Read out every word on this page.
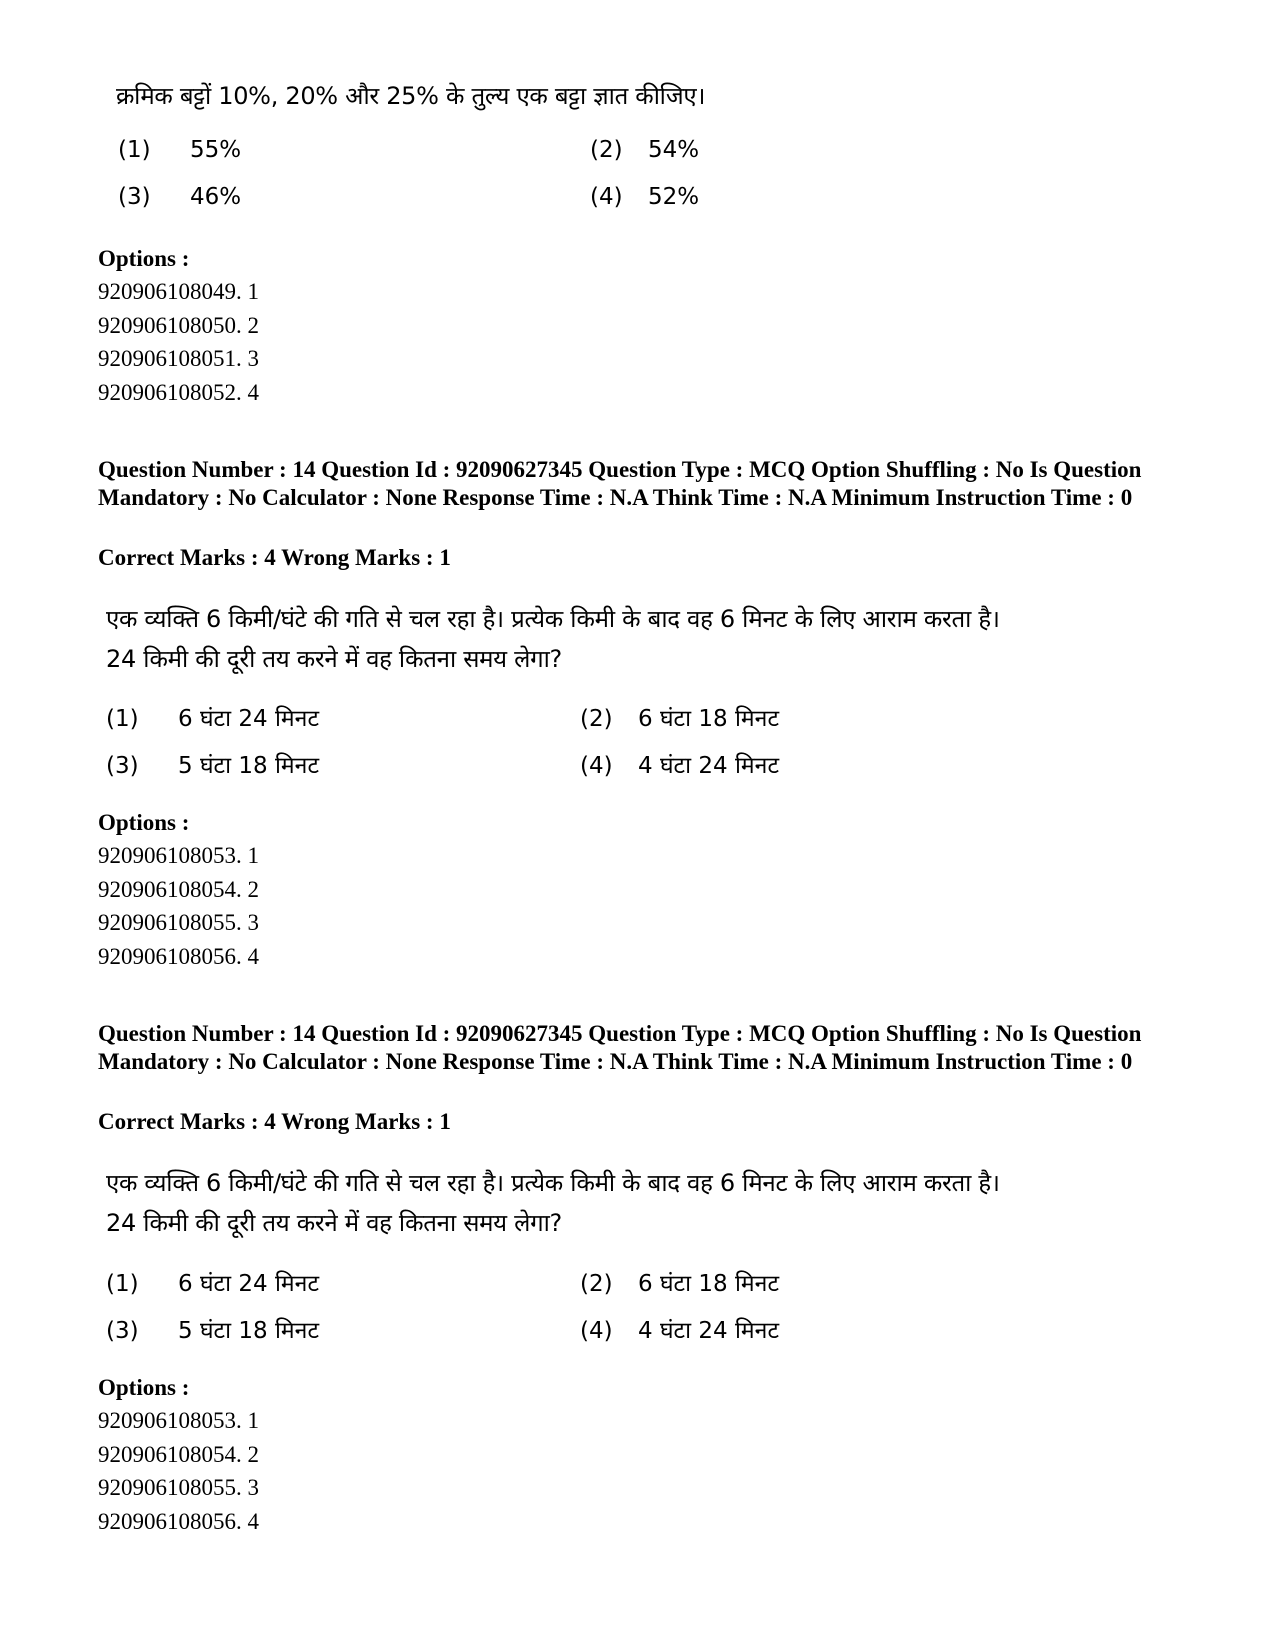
क्रमिक बट्टों 10%, 20% और 25% के तुल्य एक बट्टा ज्ञात कीजिए।
(1) 55%	(2) 54%
(3) 46%	(4) 52%
Options :
920906108049. 1
920906108050. 2
920906108051. 3
920906108052. 4
Question Number : 14 Question Id : 92090627345 Question Type : MCQ Option Shuffling : No Is Question Mandatory : No Calculator : None Response Time : N.A Think Time : N.A Minimum Instruction Time : 0
Correct Marks : 4 Wrong Marks : 1
एक व्यक्ति 6 किमी/घंटे की गति से चल रहा है। प्रत्येक किमी के बाद वह 6 मिनट के लिए आराम करता है।
24 किमी की दूरी तय करने में वह कितना समय लेगा?
(1) 6 घंटा 24 मिनट	(2) 6 घंटा 18 मिनट
(3) 5 घंटा 18 मिनट	(4) 4 घंटा 24 मिनट
Options :
920906108053. 1
920906108054. 2
920906108055. 3
920906108056. 4
Question Number : 14 Question Id : 92090627345 Question Type : MCQ Option Shuffling : No Is Question Mandatory : No Calculator : None Response Time : N.A Think Time : N.A Minimum Instruction Time : 0
Correct Marks : 4 Wrong Marks : 1
एक व्यक्ति 6 किमी/घंटे की गति से चल रहा है। प्रत्येक किमी के बाद वह 6 मिनट के लिए आराम करता है।
24 किमी की दूरी तय करने में वह कितना समय लेगा?
(1) 6 घंटा 24 मिनट	(2) 6 घंटा 18 मिनट
(3) 5 घंटा 18 मिनट	(4) 4 घंटा 24 मिनट
Options :
920906108053. 1
920906108054. 2
920906108055. 3
920906108056. 4
